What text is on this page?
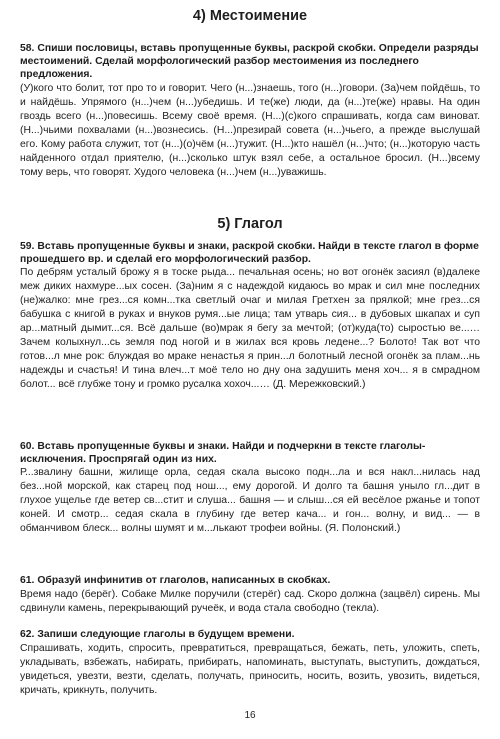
4) Местоимение

58. Спиши пословицы, вставь пропущенные буквы, раскрой скобки. Определи разряды местоимений. Сделай морфологический разбор местоимения из последнего предложения.

(У)кого что болит, тот про то и говорит. Чего (н...)знаешь, того (н...)говори. (За)чем пойдёшь, то и найдёшь. Упрямого (н...)чем (н...)убедишь. И те(же) люди, да (н...)те(же) нравы. На один гвоздь всего (н...)повесишь. Всему своё время. (Н...)(с)кого спрашивать, когда сам виноват. (Н...)чьими похвалами (н...)вознесись. (Н...)презирай совета (н...)чьего, а прежде выслушай его. Кому работа служит, тот (н...)(о)чём (н...)тужит. (Н...)кто нашёл (н...)что; (н...)которую часть найденного отдал приятелю, (н...)сколько штук взял себе, а остальное бросил. (Н...)всему тому верь, что говорят. Худого человека (н...)чем (н...)уважишь.

5) Глагол

59. Вставь пропущенные буквы и знаки, раскрой скобки. Найди в тексте глагол в форме прошедшего вр. и сделай его морфологический разбор.

По дебрям усталый брожу я в тоске рыда... печальная осень; но вот огонёк засиял (в)далеке меж диких нахмуре...ых сосен. (За)ним я с надеждой кидаюсь во мрак и сил мне последних (не)жалко: мне грез...ся комн...тка светлый очаг и милая Гретхен за прялкой; мне грез...ся бабушка с книгой в руках и внуков румя...ые лица; там утварь сия... в дубовых шкапах и суп ар...матный дымит...ся. Всё дальше (во)мрак я бегу за мечтой; (от)куда(то) сыростью ве...… Зачем колыхнул...сь земля под ногой и в жилах вся кровь ледене...? Болото! Так вот что готов...л мне рок: блуждая во мраке ненастья я прин...л болотный лесной огонёк за плам...нь надежды и счастья! И тина влеч...т моё тело но дну она задушить меня хоч... я в смрадном болот... всё глубже тону и громко русалка хохоч...… (Д. Мережковский.)

60. Вставь пропущенные буквы и знаки. Найди и подчеркни в тексте глаголы-исключения. Проспрягай один из них.

Р...звалину башни, жилище орла, седая скала высоко подн...ла и вся накл...нилась над без...ной морской, как старец под нош..., ему дорогой. И долго та башня уныло гл...дит в глухое ущелье где ветер св...стит и слуша... башня — и слыш...ся ей весёлое ржанье и топот коней. И смотр... седая скала в глубину где ветер кача... и гон... волну, и вид... — в обманчивом блеск... волны шумят и м...лькают трофеи войны. (Я. Полонский.)

61. Образуй инфинитив от глаголов, написанных в скобках.

Время надо (берёг). Собаке Милке поручили (стерёг) сад. Скоро должна (зацвёл) сирень. Мы сдвинули камень, перекрывающий ручеёк, и вода стала свободно (текла).

62. Запиши следующие глаголы в будущем времени.

Спрашивать, ходить, спросить, превратиться, превращаться, бежать, петь, уложить, спеть, укладывать, взбежать, набирать, прибирать, напоминать, выступать, выступить, дождаться, увидеться, увезти, везти, сделать, получать, приносить, носить, возить, увозить, видеться, кричать, крикнуть, получить.

16
